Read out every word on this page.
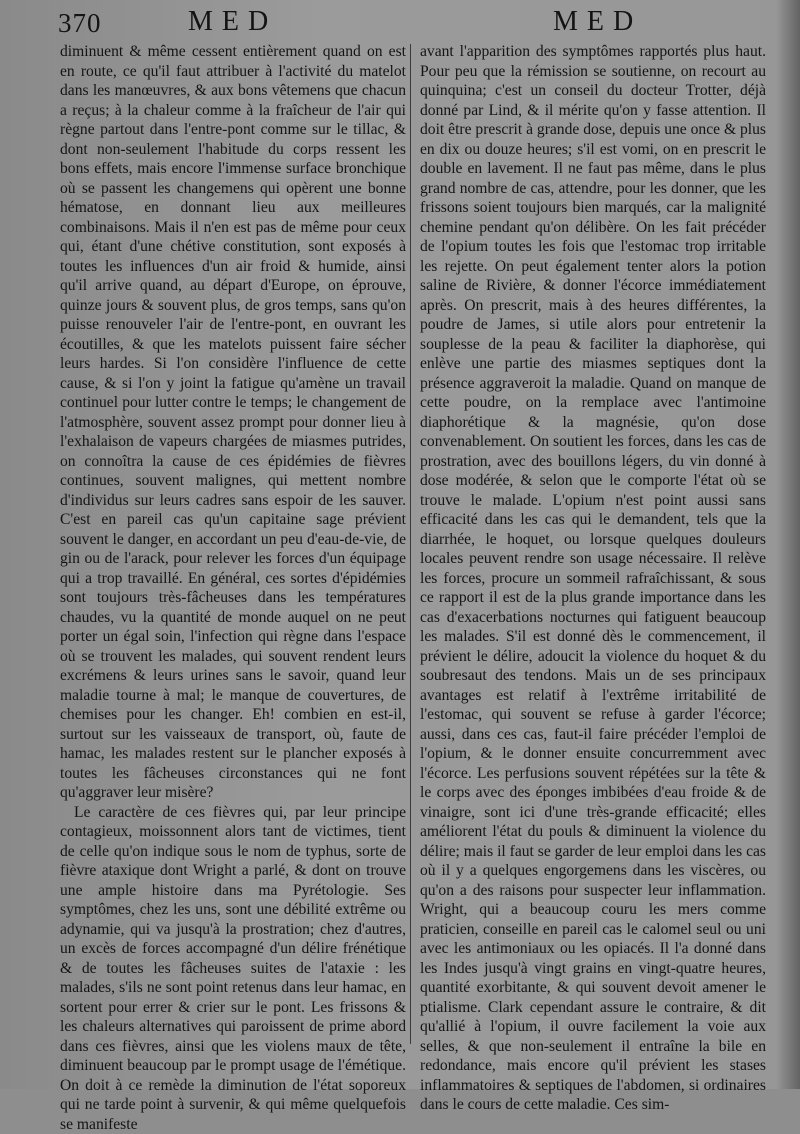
370	MED	MED

diminuent & même cessent entièrement quand on est en route, ce qu'il faut attribuer à l'activité du matelot dans les manœuvres, & aux bons vêtemens que chacun a reçus; à la chaleur comme à la fraîcheur de l'air qui règne partout dans l'entre-pont comme sur le tillac, & dont non-seulement l'habitude du corps ressent les bons effets, mais encore l'immense surface bronchique où se passent les changemens qui opèrent une bonne hématose, en donnant lieu aux meilleures combinaisons. Mais il n'en est pas de même pour ceux qui, étant d'une chétive constitution, sont exposés à toutes les influences d'un air froid & humide, ainsi qu'il arrive quand, au départ d'Europe, on éprouve, quinze jours & souvent plus, de gros temps, sans qu'on puisse renouveler l'air de l'entre-pont, en ouvrant les écoutilles, & que les matelots puissent faire sécher leurs hardes. Si l'on considère l'influence de cette cause, & si l'on y joint la fatigue qu'amène un travail continuel pour lutter contre le temps; le changement de l'atmosphère, souvent assez prompt pour donner lieu à l'exhalaison de vapeurs chargées de miasmes putrides, on connoîtra la cause de ces épidémies de fièvres continues, souvent malignes, qui mettent nombre d'individus sur leurs cadres sans espoir de les sauver. C'est en pareil cas qu'un capitaine sage prévient souvent le danger, en accordant un peu d'eau-de-vie, de gin ou de l'arack, pour relever les forces d'un équipage qui a trop travaillé. En général, ces sortes d'épidémies sont toujours très-fâcheuses dans les températures chaudes, vu la quantité de monde auquel on ne peut porter un égal soin, l'infection qui règne dans l'espace où se trouvent les malades, qui souvent rendent leurs excrémens & leurs urines sans le savoir, quand leur maladie tourne à mal; le manque de couvertures, de chemises pour les changer. Eh! combien en est-il, surtout sur les vaisseaux de transport, où, faute de hamac, les malades restent sur le plancher exposés à toutes les fâcheuses circonstances qui ne font qu'aggraver leur misère?

Le caractère de ces fièvres qui, par leur principe contagieux, moissonnent alors tant de victimes, tient de celle qu'on indique sous le nom de typhus, sorte de fièvre ataxique dont Wright a parlé, & dont on trouve une ample histoire dans ma Pyrétologie. Ses symptômes, chez les uns, sont une débilité extrême ou adynamie, qui va jusqu'à la prostration; chez d'autres, un excès de forces accompagné d'un délire frénétique & de toutes les fâcheuses suites de l'ataxie : les malades, s'ils ne sont point retenus dans leur hamac, en sortent pour errer & crier sur le pont. Les frissons & les chaleurs alternatives qui paroissent de prime abord dans ces fièvres, ainsi que les violens maux de tête, diminuent beaucoup par le prompt usage de l'émétique. On doit à ce remède la diminution de l'état soporeux qui ne tarde point à survenir, & qui même quelquefois se manifeste

avant l'apparition des symptômes rapportés plus haut. Pour peu que la rémission se soutienne, on recourt au quinquina; c'est un conseil du docteur Trotter, déjà donné par Lind, & il mérite qu'on y fasse attention. Il doit être prescrit à grande dose, depuis une once & plus en dix ou douze heures; s'il est vomi, on en prescrit le double en lavement. Il ne faut pas même, dans le plus grand nombre de cas, attendre, pour les donner, que les frissons soient toujours bien marqués, car la malignité chemine pendant qu'on délibère. On les fait précéder de l'opium toutes les fois que l'estomac trop irritable les rejette. On peut également tenter alors la potion saline de Rivière, & donner l'écorce immédiatement après. On prescrit, mais à des heures différentes, la poudre de James, si utile alors pour entretenir la souplesse de la peau & faciliter la diaphorèse, qui enlève une partie des miasmes septiques dont la présence aggraveroit la maladie. Quand on manque de cette poudre, on la remplace avec l'antimoine diaphorétique & la magnésie, qu'on dose convenablement. On soutient les forces, dans les cas de prostration, avec des bouillons légers, du vin donné à dose modérée, & selon que le comporte l'état où se trouve le malade. L'opium n'est point aussi sans efficacité dans les cas qui le demandent, tels que la diarrhée, le hoquet, ou lorsque quelques douleurs locales peuvent rendre son usage nécessaire. Il relève les forces, procure un sommeil rafraîchissant, & sous ce rapport il est de la plus grande importance dans les cas d'exacerbations nocturnes qui fatiguent beaucoup les malades. S'il est donné dès le commencement, il prévient le délire, adoucit la violence du hoquet & du soubresaut des tendons. Mais un de ses principaux avantages est relatif à l'extrême irritabilité de l'estomac, qui souvent se refuse à garder l'écorce; aussi, dans ces cas, faut-il faire précéder l'emploi de l'opium, & le donner ensuite concurremment avec l'écorce. Les perfusions souvent répétées sur la tête & le corps avec des éponges imbibées d'eau froide & de vinaigre, sont ici d'une très-grande efficacité; elles améliorent l'état du pouls & diminuent la violence du délire; mais il faut se garder de leur emploi dans les cas où il y a quelques engorgemens dans les viscères, ou qu'on a des raisons pour suspecter leur inflammation. Wright, qui a beaucoup couru les mers comme praticien, conseille en pareil cas le calomel seul ou uni avec les antimoniaux ou les opiacés. Il l'a donné dans les Indes jusqu'à vingt grains en vingt-quatre heures, quantité exorbitante, & qui souvent devoit amener le ptialisme. Clark cependant assure le contraire, & dit qu'allié à l'opium, il ouvre facilement la voie aux selles, & que non-seulement il entraîne la bile en redondance, mais encore qu'il prévient les stases inflammatoires & septiques de l'abdomen, si ordinaires dans le cours de cette maladie. Ces sim-
